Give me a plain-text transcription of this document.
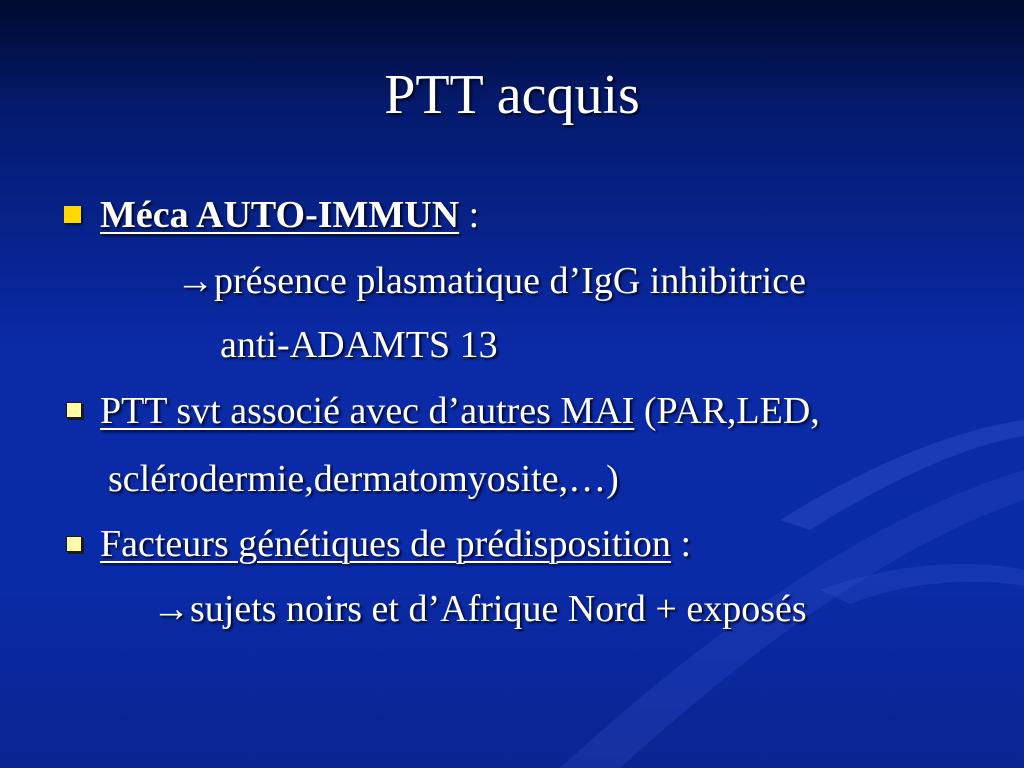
PTT acquis
Méca AUTO-IMMUN :
→présence plasmatique d’IgG inhibitrice
anti-ADAMTS 13
PTT svt associé avec d’autres MAI (PAR,LED,
sclérodermie,dermatomyosite,…)
Facteurs génétiques de prédisposition :
→sujets noirs et d’Afrique Nord + exposés
